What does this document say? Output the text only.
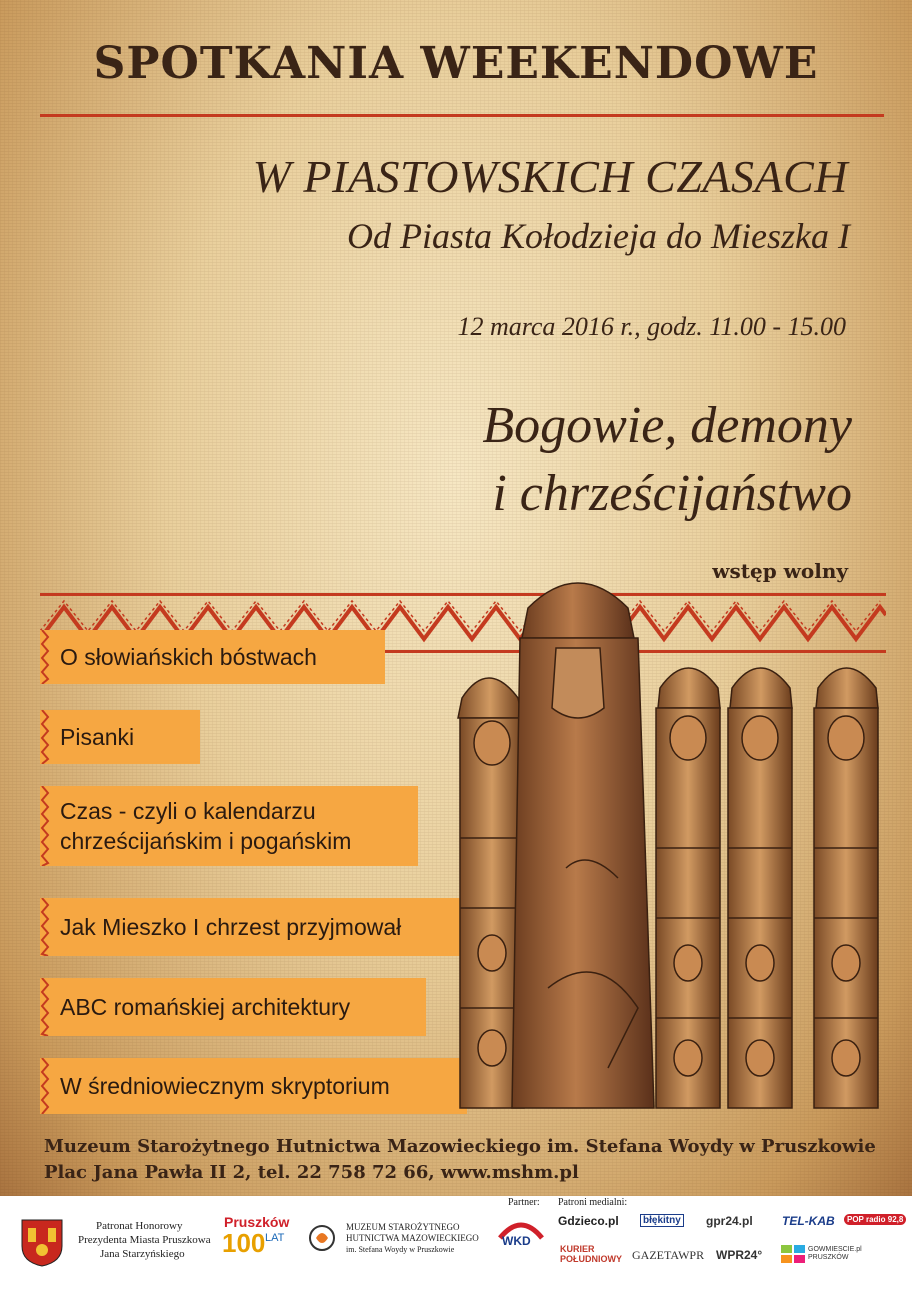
SPOTKANIA WEEKENDOWE
W PIASTOWSKICH CZASACH
Od Piasta Kołodzieja do Mieszka I
12 marca 2016 r., godz. 11.00 - 15.00
Bogowie, demony
i chrześcijaństwo
wstęp wolny
O słowiańskich bóstwach
Pisanki
Czas - czyli o kalendarzu
chrześcijańskim i pogańskim
Jak Mieszko I chrzest przyjmował
ABC romańskiej architektury
W średniowiecznym skryptorium
Muzeum Starożytnego Hutnictwa Mazowieckiego im. Stefana Woydy w Pruszkowie
Plac Jana Pawła II 2, tel. 22 758 72 66, www.mshm.pl
Patronat Honorowy
Prezydenta Miasta Pruszkowa
Jana Starzyńskiego
Pruszków
100 LAT
MUZEUM STAROŻYTNEGO
HUTNICTWA MAZOWIECKIEGO
im. Stefana Woydy w Pruszkowie
Partner: Patroni medialni:
WKD
Gdzieco.pl	błękitny gpr24.pl TEL-KAB	POP radio 92,8
KURIER POŁUDNIOWY GAZETAWPR WPR24°	GOWMIESCIE.pl PRUSZKÓW
